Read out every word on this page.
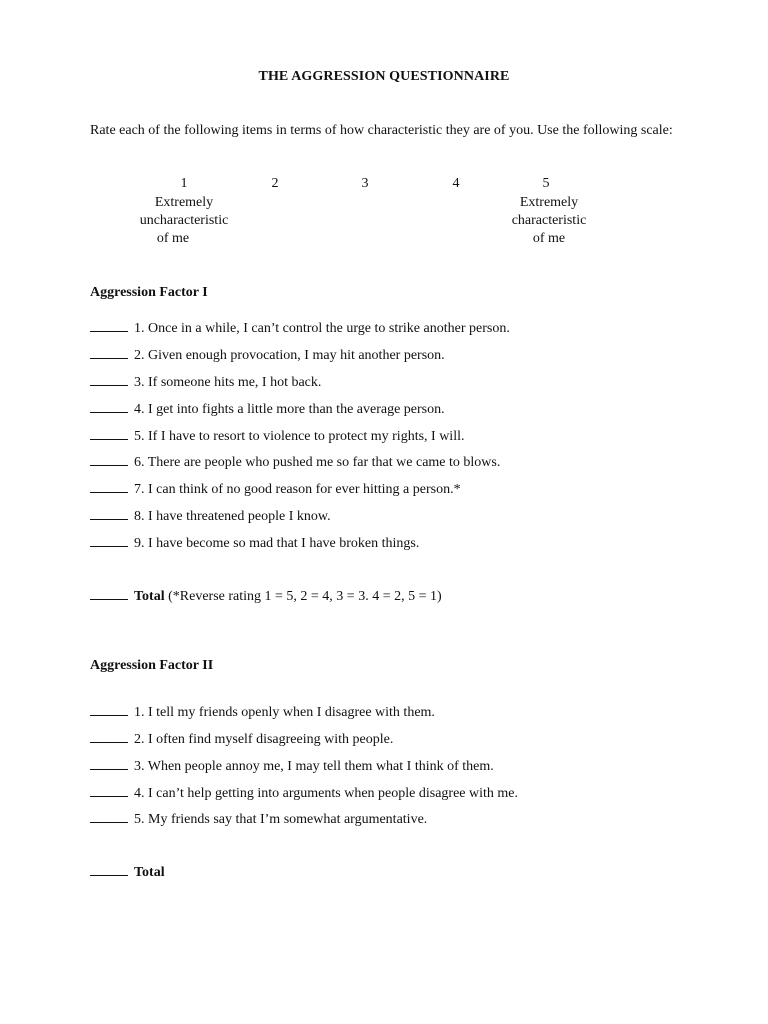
THE AGGRESSION QUESTIONNAIRE
Rate each of the following items in terms of how characteristic they are of you. Use the following scale:
1	2	3	4	5
Extremely
uncharacteristic
of me
Extremely
characteristic
of me
Aggression Factor I
1. Once in a while, I can’t control the urge to strike another person.
2. Given enough provocation, I may hit another person.
3. If someone hits me, I hot back.
4. I get into fights a little more than the average person.
5. If I have to resort to violence to protect my rights, I will.
6. There are people who pushed me so far that we came to blows.
7. I can think of no good reason for ever hitting a person.*
8. I have threatened people I know.
9. I have become so mad that I have broken things.
Total (*Reverse rating 1 = 5, 2 = 4, 3 = 3. 4 = 2, 5 = 1)
Aggression Factor II
1. I tell my friends openly when I disagree with them.
2. I often find myself disagreeing with people.
3. When people annoy me, I may tell them what I think of them.
4. I can’t help getting into arguments when people disagree with me.
5. My friends say that I’m somewhat argumentative.
Total
